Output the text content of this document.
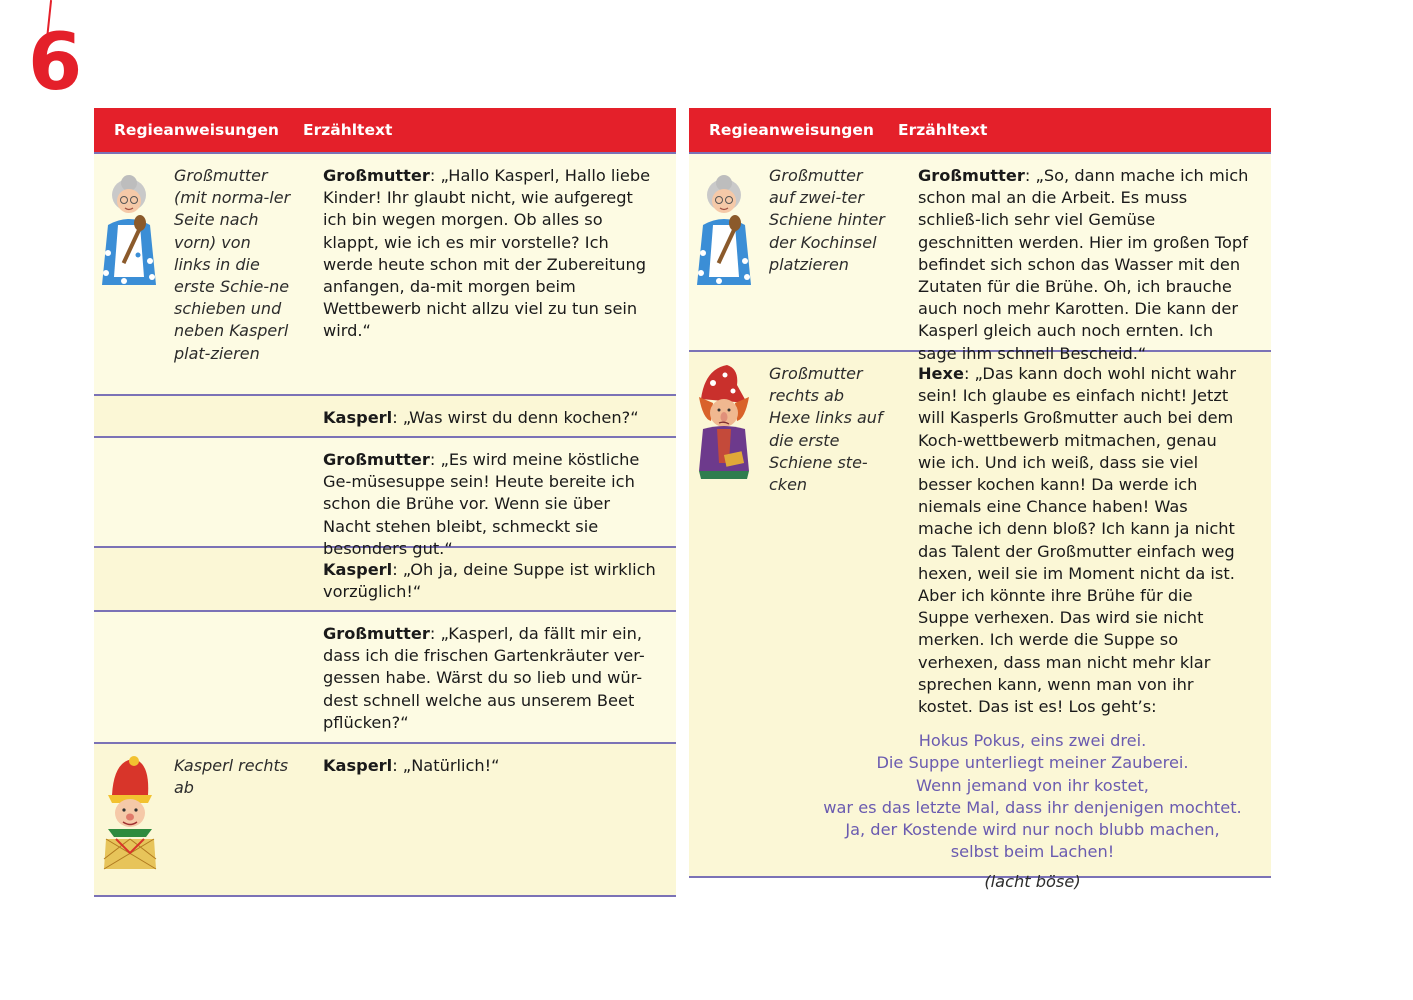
6
Regieanweisungen	Erzähltext
Großmutter (mit norma-ler Seite nach vorn) von links in die erste Schie-ne schieben und neben Kasperl plat-zieren
Großmutter: „Hallo Kasperl, Hallo liebe Kinder! Ihr glaubt nicht, wie aufgeregt ich bin wegen morgen. Ob alles so klappt, wie ich es mir vorstelle? Ich werde heute schon mit der Zubereitung anfangen, da-mit morgen beim Wettbewerb nicht allzu viel zu tun sein wird.“
Kasperl: „Was wirst du denn kochen?“
Großmutter: „Es wird meine köstliche Ge-müsesuppe sein! Heute bereite ich schon die Brühe vor. Wenn sie über Nacht stehen bleibt, schmeckt sie besonders gut.“
Kasperl: „Oh ja, deine Suppe ist wirklich vorzüglich!“
Großmutter: „Kasperl, da fällt mir ein, dass ich die frischen Gartenkräuter ver-gessen habe. Wärst du so lieb und wür-dest schnell welche aus unserem Beet pflücken?“
Kasperl rechts ab
Kasperl: „Natürlich!“
Regieanweisungen	Erzähltext
Großmutter auf zwei-ter Schiene hinter der Kochinsel platzieren
Großmutter: „So, dann mache ich mich schon mal an die Arbeit. Es muss schließ-lich sehr viel Gemüse geschnitten werden. Hier im großen Topf befindet sich schon das Wasser mit den Zutaten für die Brühe. Oh, ich brauche auch noch mehr Karotten. Die kann der Kasperl gleich auch noch ernten. Ich sage ihm schnell Bescheid.“
Großmutter rechts ab Hexe links auf die erste Schiene ste-cken
Hexe: „Das kann doch wohl nicht wahr sein! Ich glaube es einfach nicht! Jetzt will Kasperls Großmutter auch bei dem Koch-wettbewerb mitmachen, genau wie ich. Und ich weiß, dass sie viel besser kochen kann! Da werde ich niemals eine Chance haben! Was mache ich denn bloß? Ich kann ja nicht das Talent der Großmutter einfach weg hexen, weil sie im Moment nicht da ist. Aber ich könnte ihre Brühe für die Suppe verhexen. Das wird sie nicht merken. Ich werde die Suppe so verhexen, dass man nicht mehr klar sprechen kann, wenn man von ihr kostet. Das ist es! Los geht’s:
Hokus Pokus, eins zwei drei.
Die Suppe unterliegt meiner Zauberei.
Wenn jemand von ihr kostet,
war es das letzte Mal, dass ihr denjenigen mochtet.
Ja, der Kostende wird nur noch blubb machen,
selbst beim Lachen!
(lacht böse)
